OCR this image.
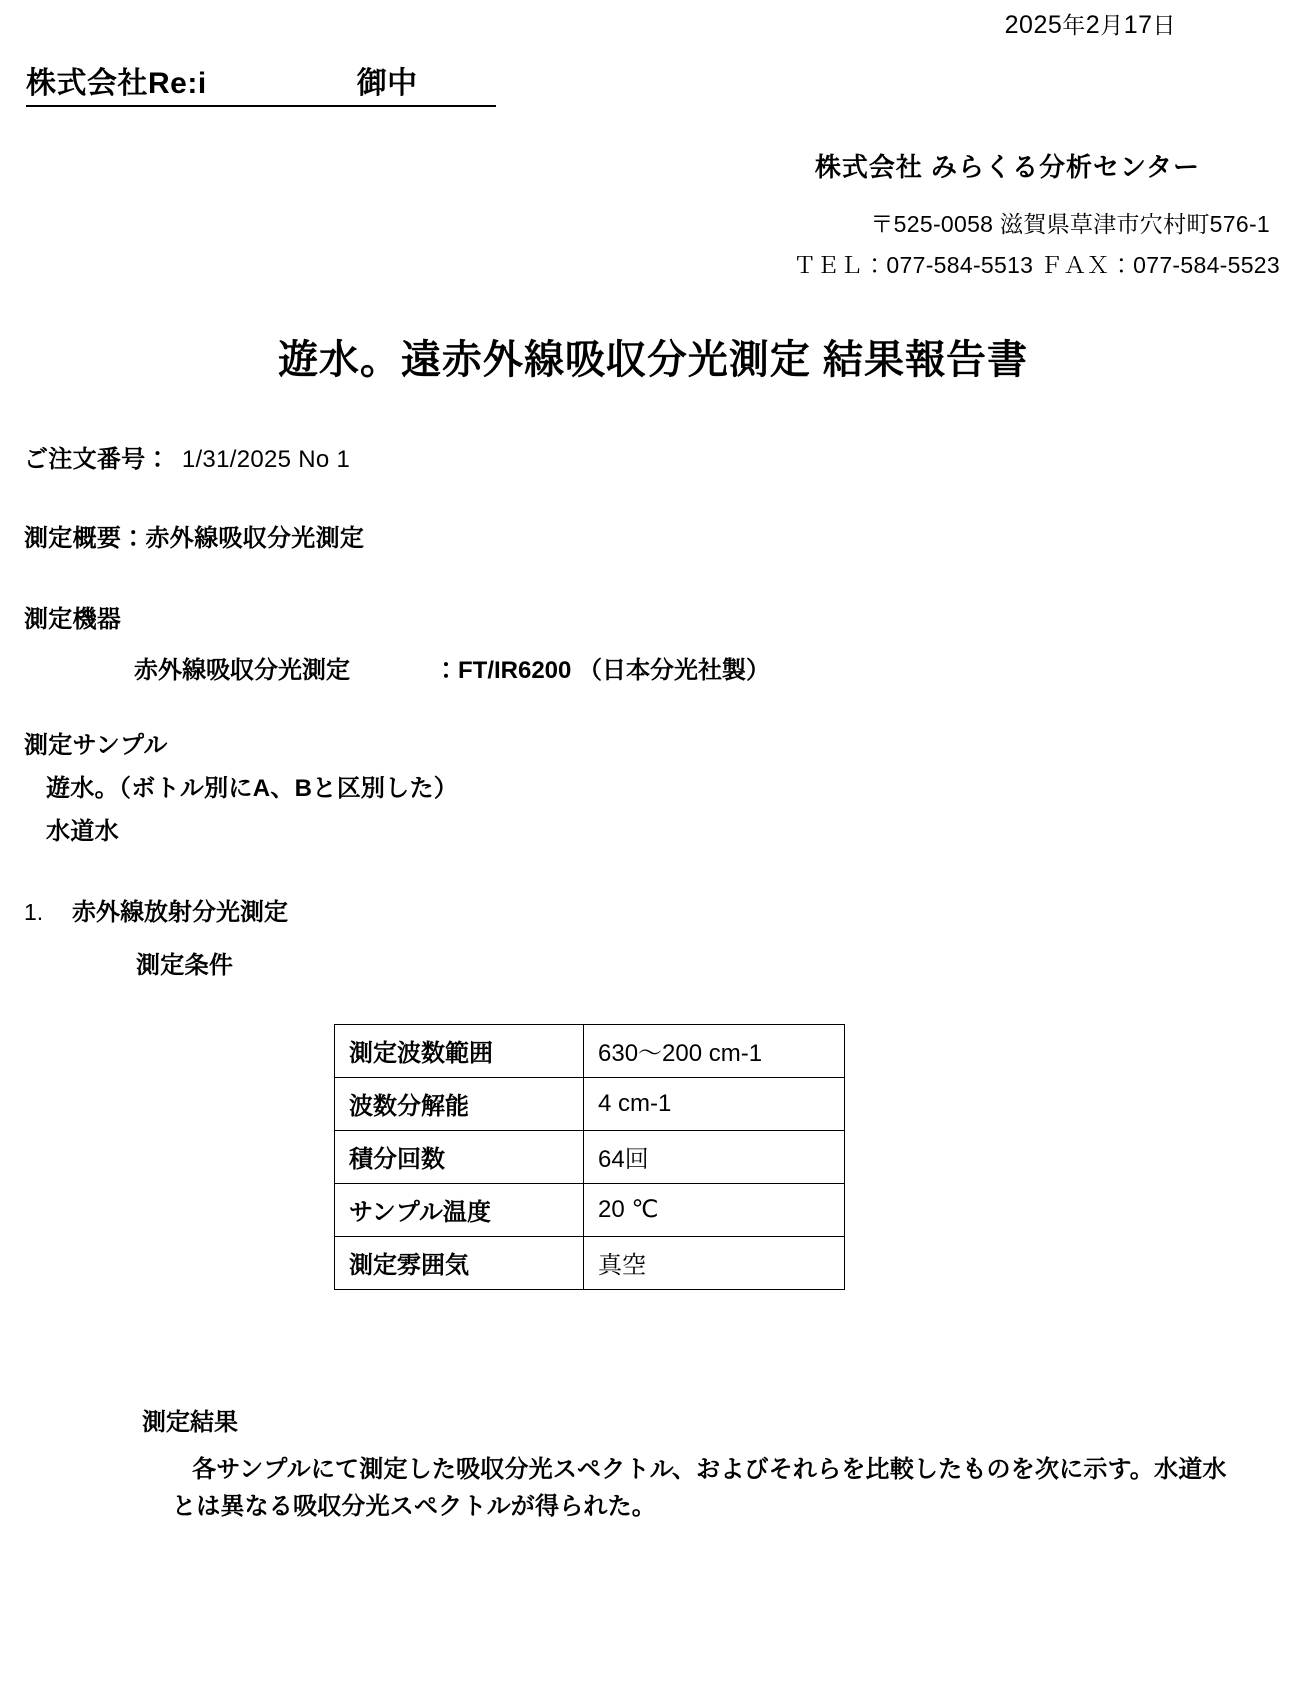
2025年2月17日
株式会社Re:i	御中
株式会社 みらくる分析センター
〒525-0058 滋賀県草津市穴村町576-1
ＴＥＬ：077-584-5513 ＦＡＸ：077-584-5523
遊水。遠赤外線吸収分光測定 結果報告書
ご注文番号： 1/31/2025 No 1
測定概要：赤外線吸収分光測定
測定機器
赤外線吸収分光測定	：FT/IR6200 （日本分光社製）
測定サンプル
遊水。（ボトル別にA、Bと区別した）
水道水
1. 赤外線放射分光測定
測定条件
測定波数範囲	630〜200 cm-1
波数分解能	4 cm-1
積分回数	64回
サンプル温度	20 ℃
測定雰囲気	真空
測定結果
各サンプルにて測定した吸収分光スペクトル、およびそれらを比較したものを次に示す。水道水とは異なる吸収分光スペクトルが得られた。
